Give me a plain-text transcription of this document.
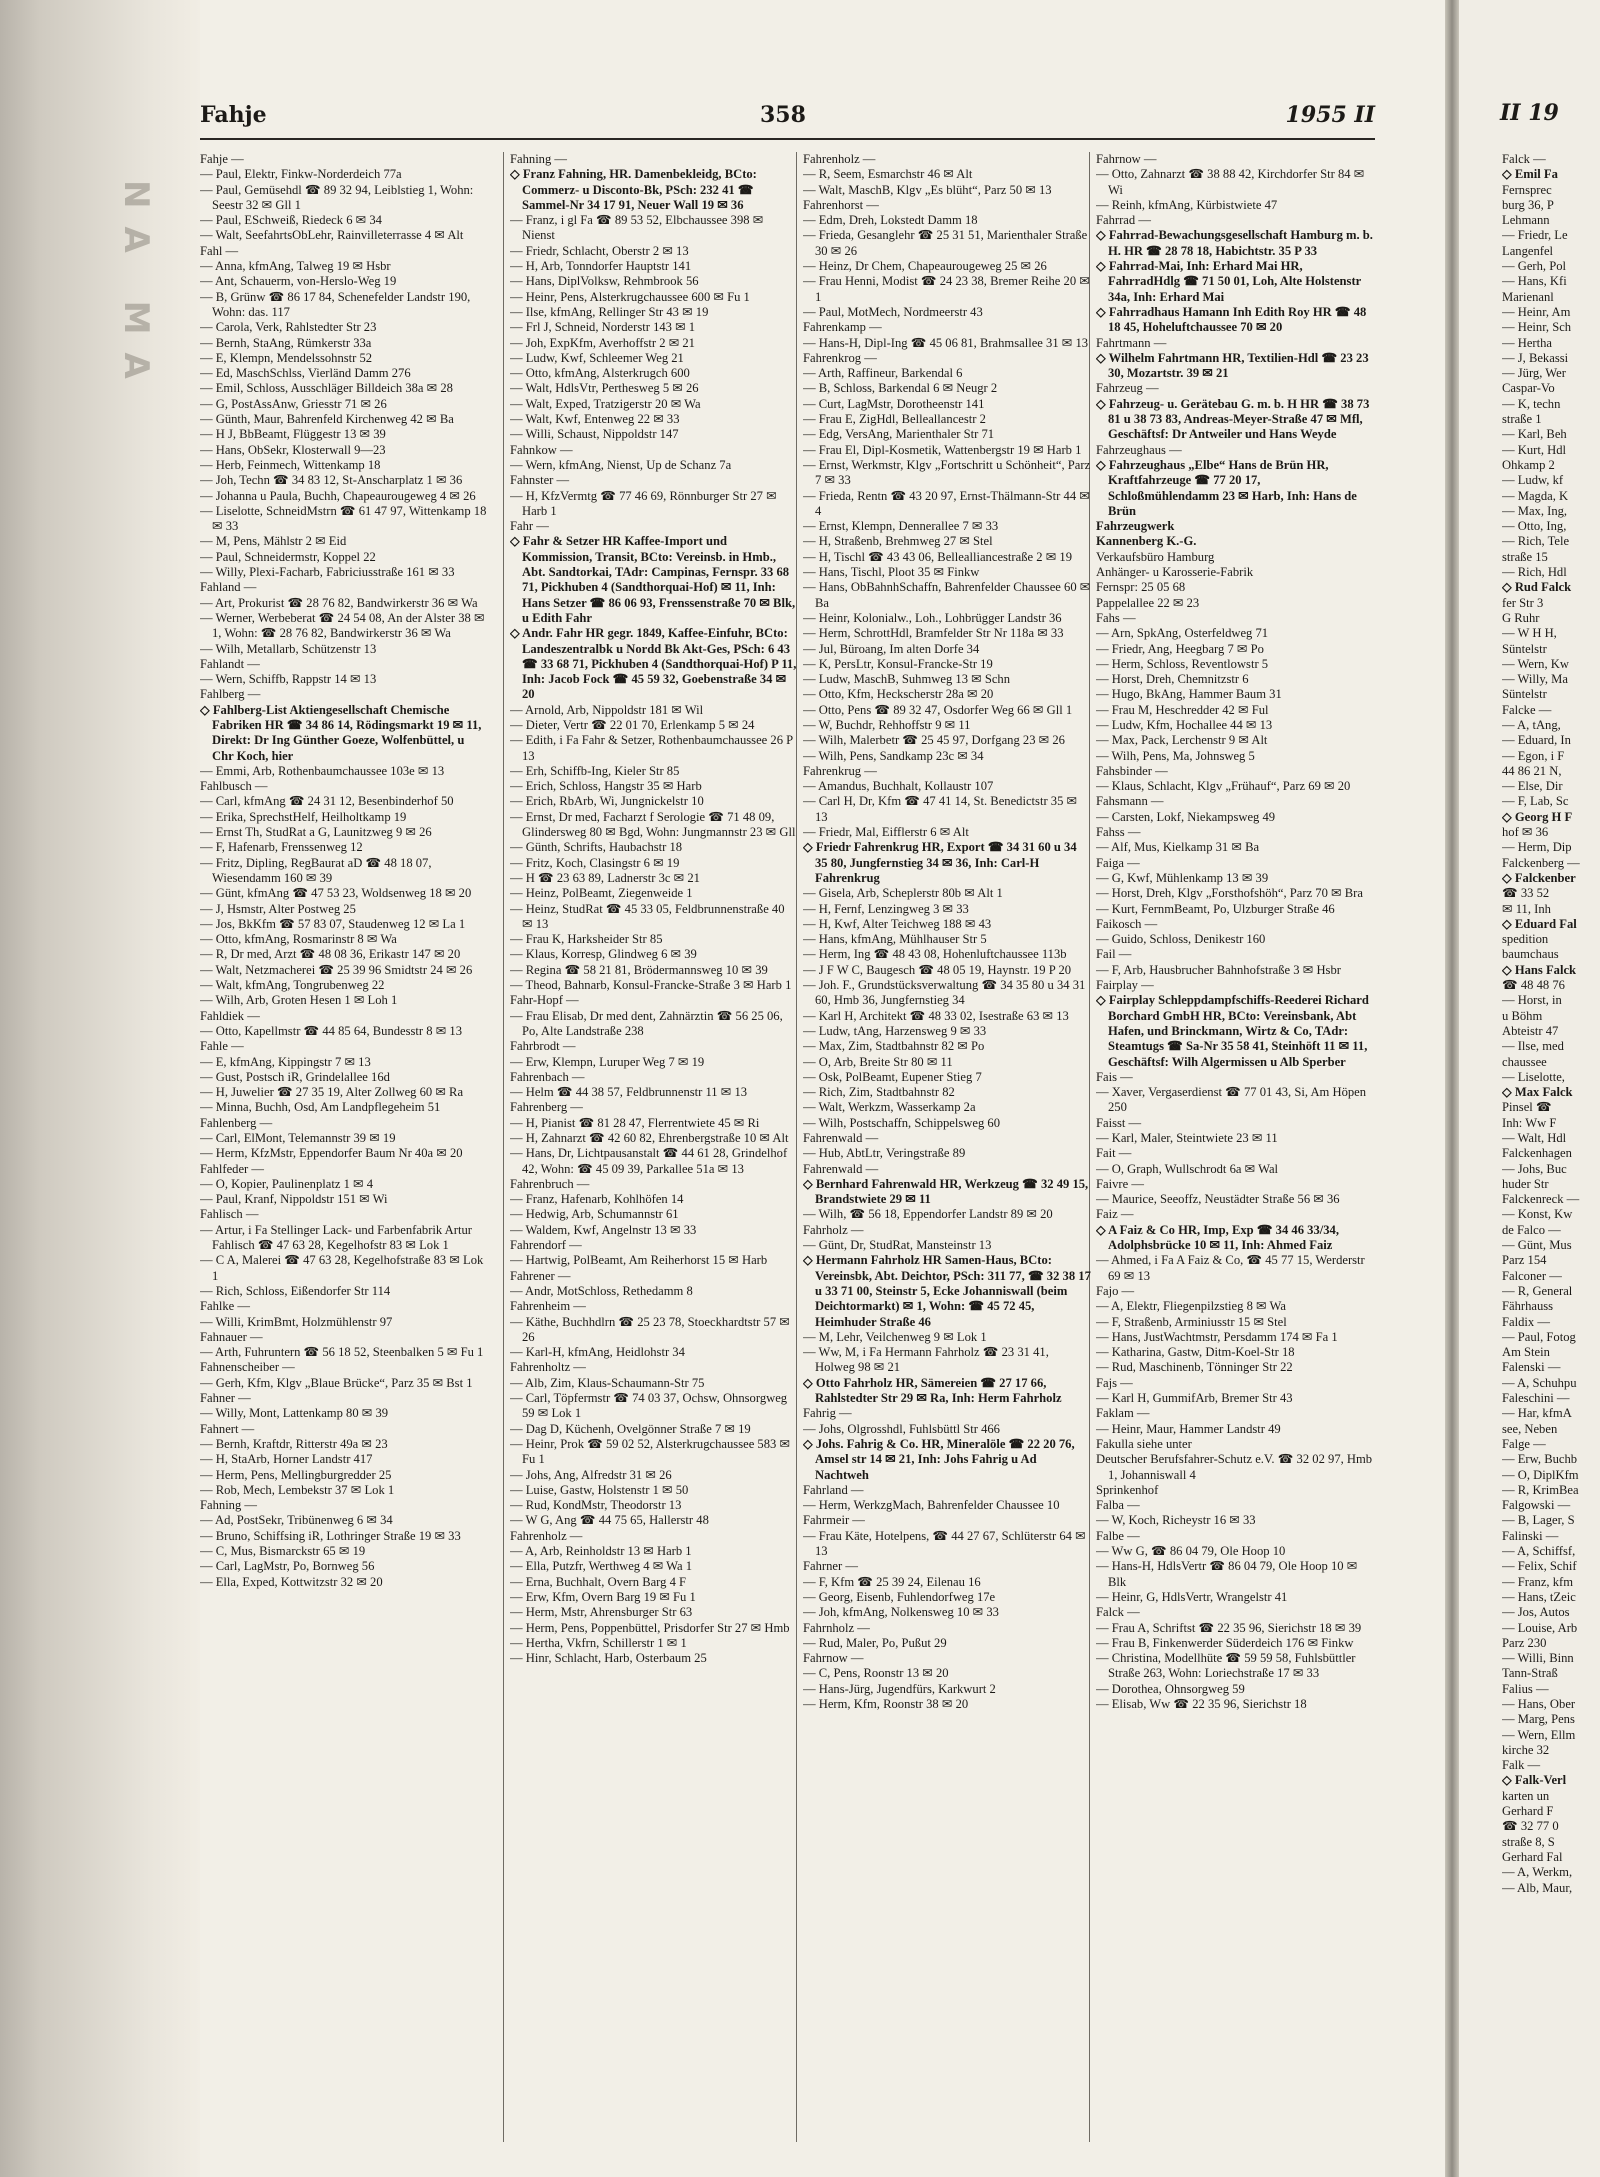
NA MA
Fahje	358	1955 II	II 19

Fahje —

— Paul, Elektr, Finkw-Norderdeich 77a

— Paul, Gemüsehdl ☎ 89 32 94, Leiblstieg 1, Wohn: Seestr 32 ✉ Gll 1

— Paul, ESchweiß, Riedeck 6 ✉ 34

— Walt, SeefahrtsObLehr, Rainvilleterrasse 4 ✉ Alt

Fahl —

— Anna, kfmAng, Talweg 19 ✉ Hsbr

— Ant, Schauerm, von-Herslo-Weg 19

— B, Grünw ☎ 86 17 84, Schenefelder Landstr 190, Wohn: das. 117

— Carola, Verk, Rahlstedter Str 23

— Bernh, StaAng, Rümkerstr 33a

— E, Klempn, Mendelssohnstr 52

— Ed, MaschSchlss, Vierländ Damm 276

— Emil, Schloss, Ausschläger Billdeich 38a ✉ 28

— G, PostAssAnw, Griesstr 71 ✉ 26

— Günth, Maur, Bahrenfeld Kirchenweg 42 ✉ Ba

— H J, BbBeamt, Flüggestr 13 ✉ 39

— Hans, ObSekr, Klosterwall 9—23

— Herb, Feinmech, Wittenkamp 18

— Joh, Techn ☎ 34 83 12, St-Anscharplatz 1 ✉ 36

— Johanna u Paula, Buchh, Chapeaurougeweg 4 ✉ 26

— Liselotte, SchneidMstrn ☎ 61 47 97, Wittenkamp 18 ✉ 33

— M, Pens, Mählstr 2 ✉ Eid

— Paul, Schneidermstr, Koppel 22

— Willy, Plexi-Facharb, Fabriciusstraße 161 ✉ 33

Fahland —

— Art, Prokurist ☎ 28 76 82, Bandwirkerstr 36 ✉ Wa

— Werner, Werbeberat ☎ 24 54 08, An der Alster 38 ✉ 1, Wohn: ☎ 28 76 82, Bandwirkerstr 36 ✉ Wa

— Wilh, Metallarb, Schützenstr 13

Fahlandt —

— Wern, Schiffb, Rappstr 14 ✉ 13

Fahlberg —

◇ Fahlberg-List Aktiengesellschaft Chemische Fabriken HR ☎ 34 86 14, Rödingsmarkt 19 ✉ 11, Direkt: Dr Ing Günther Goeze, Wolfenbüttel, u Chr Koch, hier

— Emmi, Arb, Rothenbaumchaussee 103e ✉ 13

Fahlbusch —

— Carl, kfmAng ☎ 24 31 12, Besenbinderhof 50

— Erika, SprechstHelf, Heilholtkamp 19

— Ernst Th, StudRat a G, Launitzweg 9 ✉ 26

— F, Hafenarb, Frenssenweg 12

— Fritz, Dipling, RegBaurat aD ☎ 48 18 07, Wiesendamm 160 ✉ 39

— Günt, kfmAng ☎ 47 53 23, Woldsenweg 18 ✉ 20

— J, Hsmstr, Alter Postweg 25

— Jos, BkKfm ☎ 57 83 07, Staudenweg 12 ✉ La 1

— Otto, kfmAng, Rosmarinstr 8 ✉ Wa

— R, Dr med, Arzt ☎ 48 08 36, Erikastr 147 ✉ 20

— Walt, Netzmacherei ☎ 25 39 96 Smidtstr 24 ✉ 26

— Walt, kfmAng, Tongrubenweg 22

— Wilh, Arb, Groten Hesen 1 ✉ Loh 1

Fahldiek —

— Otto, Kapellmstr ☎ 44 85 64, Bundesstr 8 ✉ 13

Fahle —

— E, kfmAng, Kippingstr 7 ✉ 13

— Gust, Postsch iR, Grindelallee 16d

— H, Juwelier ☎ 27 35 19, Alter Zollweg 60 ✉ Ra

— Minna, Buchh, Osd, Am Landpflegeheim 51

Fahlenberg —

— Carl, ElMont, Telemannstr 39 ✉ 19

— Herm, KfzMstr, Eppendorfer Baum Nr 40a ✉ 20

Fahlfeder —

— O, Kopier, Paulinenplatz 1 ✉ 4

— Paul, Kranf, Nippoldstr 151 ✉ Wi

Fahlisch —

— Artur, i Fa Stellinger Lack- und Farbenfabrik Artur Fahlisch ☎ 47 63 28, Kegelhofstr 83 ✉ Lok 1

— C A, Malerei ☎ 47 63 28, Kegelhofstraße 83 ✉ Lok 1

— Rich, Schloss, Eißendorfer Str 114

Fahlke —

— Willi, KrimBmt, Holzmühlenstr 97

Fahnauer —

— Arth, Fuhruntern ☎ 56 18 52, Steenbalken 5 ✉ Fu 1

Fahnenscheiber —

— Gerh, Kfm, Klgv „Blaue Brücke“, Parz 35 ✉ Bst 1

Fahner —

— Willy, Mont, Lattenkamp 80 ✉ 39

Fahnert —

— Bernh, Kraftdr, Ritterstr 49a ✉ 23

— H, StaArb, Horner Landstr 417

— Herm, Pens, Mellingburgredder 25

— Rob, Mech, Lembekstr 37 ✉ Lok 1

Fahning —

— Ad, PostSekr, Tribünenweg 6 ✉ 34

— Bruno, Schiffsing iR, Lothringer Straße 19 ✉ 33

— C, Mus, Bismarckstr 65 ✉ 19

— Carl, LagMstr, Po, Bornweg 56

— Ella, Exped, Kottwitzstr 32 ✉ 20

Fahning —

◇ Franz Fahning, HR. Damenbekleidg, BCto: Commerz- u Disconto-Bk, PSch: 232 41 ☎ Sammel-Nr 34 17 91, Neuer Wall 19 ✉ 36

— Franz, i gl Fa ☎ 89 53 52, Elbchaussee 398 ✉ Nienst

— Friedr, Schlacht, Oberstr 2 ✉ 13

— H, Arb, Tonndorfer Hauptstr 141

— Hans, DiplVolksw, Rehmbrook 56

— Heinr, Pens, Alsterkrugchaussee 600 ✉ Fu 1

— Ilse, kfmAng, Rellinger Str 43 ✉ 19

— Frl J, Schneid, Norderstr 143 ✉ 1

— Joh, ExpKfm, Averhoffstr 2 ✉ 21

— Ludw, Kwf, Schleemer Weg 21

— Otto, kfmAng, Alsterkrugch 600

— Walt, HdlsVtr, Perthesweg 5 ✉ 26

— Walt, Exped, Tratzigerstr 20 ✉ Wa

— Walt, Kwf, Entenweg 22 ✉ 33

— Willi, Schaust, Nippoldstr 147

Fahnkow —

— Wern, kfmAng, Nienst, Up de Schanz 7a

Fahnster —

— H, KfzVermtg ☎ 77 46 69, Rönnburger Str 27 ✉ Harb 1

Fahr —

◇ Fahr & Setzer HR Kaffee-Import und Kommission, Transit, BCto: Vereinsb. in Hmb., Abt. Sandtorkai, TAdr: Campinas, Fernspr. 33 68 71, Pickhuben 4 (Sandthorquai-Hof) ✉ 11, Inh: Hans Setzer ☎ 86 06 93, Frenssenstraße 70 ✉ Blk, u Edith Fahr

◇ Andr. Fahr HR gegr. 1849, Kaffee-Einfuhr, BCto: Landeszentralbk u Nordd Bk Akt-Ges, PSch: 6 43 ☎ 33 68 71, Pickhuben 4 (Sandthorquai-Hof) P 11, Inh: Jacob Fock ☎ 45 59 32, Goebenstraße 34 ✉ 20

— Arnold, Arb, Nippoldstr 181 ✉ Wil

— Dieter, Vertr ☎ 22 01 70, Erlenkamp 5 ✉ 24

— Edith, i Fa Fahr & Setzer, Rothenbaumchaussee 26 P 13

— Erh, Schiffb-Ing, Kieler Str 85

— Erich, Schloss, Hangstr 35 ✉ Harb

— Erich, RbArb, Wi, Jungnickelstr 10

— Ernst, Dr med, Facharzt f Serologie ☎ 71 48 09, Glindersweg 80 ✉ Bgd, Wohn: Jungmannstr 23 ✉ Gll

— Günth, Schrifts, Haubachstr 18

— Fritz, Koch, Clasingstr 6 ✉ 19

— H ☎ 23 63 89, Ladnerstr 3c ✉ 21

— Heinz, PolBeamt, Ziegenweide 1

— Heinz, StudRat ☎ 45 33 05, Feldbrunnenstraße 40 ✉ 13

— Frau K, Harksheider Str 85

— Klaus, Korresp, Glindweg 6 ✉ 39

— Regina ☎ 58 21 81, Brödermannsweg 10 ✉ 39

— Theod, Bahnarb, Konsul-Francke-Straße 3 ✉ Harb 1

Fahr-Hopf —

— Frau Elisab, Dr med dent, Zahnärztin ☎ 56 25 06, Po, Alte Landstraße 238

Fahrbrodt —

— Erw, Klempn, Luruper Weg 7 ✉ 19

Fahrenbach —

— Helm ☎ 44 38 57, Feldbrunnenstr 11 ✉ 13

Fahrenberg —

— H, Pianist ☎ 81 28 47, Flerrentwiete 45 ✉ Ri

— H, Zahnarzt ☎ 42 60 82, Ehrenbergstraße 10 ✉ Alt

— Hans, Dr, Lichtpausanstalt ☎ 44 61 28, Grindelhof 42, Wohn: ☎ 45 09 39, Parkallee 51a ✉ 13

Fahrenbruch —

— Franz, Hafenarb, Kohlhöfen 14

— Hedwig, Arb, Schumannstr 61

— Waldem, Kwf, Angelnstr 13 ✉ 33

Fahrendorf —

— Hartwig, PolBeamt, Am Reiherhorst 15 ✉ Harb

Fahrener —

— Andr, MotSchloss, Rethedamm 8

Fahrenheim —

— Käthe, Buchhdlrn ☎ 25 23 78, Stoeckhardtstr 57 ✉ 26

— Karl-H, kfmAng, Heidlohstr 34

Fahrenholtz —

— Alb, Zim, Klaus-Schaumann-Str 75

— Carl, Töpfermstr ☎ 74 03 37, Ochsw, Ohnsorgweg 59 ✉ Lok 1

— Dag D, Küchenh, Ovelgönner Straße 7 ✉ 19

— Heinr, Prok ☎ 59 02 52, Alsterkrugchaussee 583 ✉ Fu 1

— Johs, Ang, Alfredstr 31 ✉ 26

— Luise, Gastw, Holstenstr 1 ✉ 50

— Rud, KondMstr, Theodorstr 13

— W G, Ang ☎ 44 75 65, Hallerstr 48

Fahrenholz —

— A, Arb, Reinholdstr 13 ✉ Harb 1

— Ella, Putzfr, Werthweg 4 ✉ Wa 1

— Erna, Buchhalt, Overn Barg 4 F

— Erw, Kfm, Overn Barg 19 ✉ Fu 1

— Herm, Mstr, Ahrensburger Str 63

— Herm, Pens, Poppenbüttel, Prisdorfer Str 27 ✉ Hmb

— Hertha, Vkfrn, Schillerstr 1 ✉ 1

— Hinr, Schlacht, Harb, Osterbaum 25

Fahrenholz —

— R, Seem, Esmarchstr 46 ✉ Alt

— Walt, MaschB, Klgv „Es blüht“, Parz 50 ✉ 13

Fahrenhorst —

— Edm, Dreh, Lokstedt Damm 18

— Frieda, Gesanglehr ☎ 25 31 51, Marienthaler Straße 30 ✉ 26

— Heinz, Dr Chem, Chapeaurougeweg 25 ✉ 26

— Frau Henni, Modist ☎ 24 23 38, Bremer Reihe 20 ✉ 1

— Paul, MotMech, Nordmeerstr 43

Fahrenkamp —

— Hans-H, Dipl-Ing ☎ 45 06 81, Brahmsallee 31 ✉ 13

Fahrenkrog —

— Arth, Raffineur, Barkendal 6

— B, Schloss, Barkendal 6 ✉ Neugr 2

— Curt, LagMstr, Dorotheenstr 141

— Frau E, ZigHdl, Belleallancestr 2

— Edg, VersAng, Marienthaler Str 71

— Frau El, Dipl-Kosmetik, Wattenbergstr 19 ✉ Harb 1

— Ernst, Werkmstr, Klgv „Fortschritt u Schönheit“, Parz 7 ✉ 33

— Frieda, Rentn ☎ 43 20 97, Ernst-Thälmann-Str 44 ✉ 4

— Ernst, Klempn, Dennerallee 7 ✉ 33

— H, Straßenb, Brehmweg 27 ✉ Stel

— H, Tischl ☎ 43 43 06, Bellealliancestraße 2 ✉ 19

— Hans, Tischl, Ploot 35 ✉ Finkw

— Hans, ObBahnhSchaffn, Bahrenfelder Chaussee 60 ✉ Ba

— Heinr, Kolonialw., Loh., Lohbrügger Landstr 36

— Herm, SchrottHdl, Bramfelder Str Nr 118a ✉ 33

— Jul, Büroang, Im alten Dorfe 34

— K, PersLtr, Konsul-Francke-Str 19

— Ludw, MaschB, Suhmweg 13 ✉ Schn

— Otto, Kfm, Heckscherstr 28a ✉ 20

— Otto, Pens ☎ 89 32 47, Osdorfer Weg 66 ✉ Gll 1

— W, Buchdr, Rehhoffstr 9 ✉ 11

— Wilh, Malerbetr ☎ 25 45 97, Dorfgang 23 ✉ 26

— Wilh, Pens, Sandkamp 23c ✉ 34

Fahrenkrug —

— Amandus, Buchhalt, Kollaustr 107

— Carl H, Dr, Kfm ☎ 47 41 14, St. Benedictstr 35 ✉ 13

— Friedr, Mal, Eifflerstr 6 ✉ Alt

◇ Friedr Fahrenkrug HR, Export ☎ 34 31 60 u 34 35 80, Jungfernstieg 34 ✉ 36, Inh: Carl-H Fahrenkrug

— Gisela, Arb, Scheplerstr 80b ✉ Alt 1

— H, Fernf, Lenzingweg 3 ✉ 33

— H, Kwf, Alter Teichweg 188 ✉ 43

— Hans, kfmAng, Mühlhauser Str 5

— Herm, Ing ☎ 48 43 08, Hohenluftchaussee 113b

— J F W C, Baugesch ☎ 48 05 19, Haynstr. 19 P 20

— Joh. F., Grundstücksverwaltung ☎ 34 35 80 u 34 31 60, Hmb 36, Jungfernstieg 34

— Karl H, Architekt ☎ 48 33 02, Isestraße 63 ✉ 13

— Ludw, tAng, Harzensweg 9 ✉ 33

— Max, Zim, Stadtbahnstr 82 ✉ Po

— O, Arb, Breite Str 80 ✉ 11

— Osk, PolBeamt, Eupener Stieg 7

— Rich, Zim, Stadtbahnstr 82

— Walt, Werkzm, Wasserkamp 2a

— Wilh, Postschaffn, Schippelsweg 60

Fahrenwald —

— Hub, AbtLtr, Veringstraße 89

Fahrenwald —

◇ Bernhard Fahrenwald HR, Werkzeug ☎ 32 49 15, Brandstwiete 29 ✉ 11

— Wilh, ☎ 56 18, Eppendorfer Landstr 89 ✉ 20

Fahrholz —

— Günt, Dr, StudRat, Mansteinstr 13

◇ Hermann Fahrholz HR Samen-Haus, BCto: Vereinsbk, Abt. Deichtor, PSch: 311 77, ☎ 32 38 17 u 33 71 00, Steinstr 5, Ecke Johanniswall (beim Deichtormarkt) ✉ 1, Wohn: ☎ 45 72 45, Heimhuder Straße 46

— M, Lehr, Veilchenweg 9 ✉ Lok 1

— Ww, M, i Fa Hermann Fahrholz ☎ 23 31 41, Holweg 98 ✉ 21

◇ Otto Fahrholz HR, Sämereien ☎ 27 17 66, Rahlstedter Str 29 ✉ Ra, Inh: Herm Fahrholz

Fahrig —

— Johs, Olgrosshdl, Fuhlsbüttl Str 466

◇ Johs. Fahrig & Co. HR, Mineralöle ☎ 22 20 76, Amsel str 14 ✉ 21, Inh: Johs Fahrig u Ad Nachtweh

Fahrland —

— Herm, WerkzgMach, Bahrenfelder Chaussee 10

Fahrmeir —

— Frau Käte, Hotelpens, ☎ 44 27 67, Schlüterstr 64 ✉ 13

Fahrner —

— F, Kfm ☎ 25 39 24, Eilenau 16

— Georg, Eisenb, Fuhlendorfweg 17e

— Joh, kfmAng, Nolkensweg 10 ✉ 33

Fahrnholz —

— Rud, Maler, Po, Pußut 29

Fahrnow —

— C, Pens, Roonstr 13 ✉ 20

— Hans-Jürg, Jugendfürs, Karkwurt 2

— Herm, Kfm, Roonstr 38 ✉ 20

Fahrnow —

— Otto, Zahnarzt ☎ 38 88 42, Kirchdorfer Str 84 ✉ Wi

— Reinh, kfmAng, Kürbistwiete 47

Fahrrad —

◇ Fahrrad-Bewachungsgesellschaft Hamburg m. b. H. HR ☎ 28 78 18, Habichtstr. 35 P 33

◇ Fahrrad-Mai, Inh: Erhard Mai HR, FahrradHdlg ☎ 71 50 01, Loh, Alte Holstenstr 34a, Inh: Erhard Mai

◇ Fahrradhaus Hamann Inh Edith Roy HR ☎ 48 18 45, Hoheluftchaussee 70 ✉ 20

Fahrtmann —

◇ Wilhelm Fahrtmann HR, Textilien-Hdl ☎ 23 23 30, Mozartstr. 39 ✉ 21

Fahrzeug —

◇ Fahrzeug- u. Gerätebau G. m. b. H HR ☎ 38 73 81 u 38 73 83, Andreas-Meyer-Straße 47 ✉ Mfl, Geschäftsf: Dr Antweiler und Hans Weyde

Fahrzeughaus —

◇ Fahrzeughaus „Elbe“ Hans de Brün HR, Kraftfahrzeuge ☎ 77 20 17, Schloßmühlendamm 23 ✉ Harb, Inh: Hans de Brün

Fahrzeugwerk

Kannenberg K.-G.

Verkaufsbüro Hamburg

Anhänger- u Karosserie-Fabrik

Fernspr: 25 05 68

Pappelallee 22 ✉ 23

Fahs —

— Arn, SpkAng, Osterfeldweg 71

— Friedr, Ang, Heegbarg 7 ✉ Po

— Herm, Schloss, Reventlowstr 5

— Horst, Dreh, Chemnitzstr 6

— Hugo, BkAng, Hammer Baum 31

— Frau M, Heschredder 42 ✉ Ful

— Ludw, Kfm, Hochallee 44 ✉ 13

— Max, Pack, Lerchenstr 9 ✉ Alt

— Wilh, Pens, Ma, Johnsweg 5

Fahsbinder —

— Klaus, Schlacht, Klgv „Frühauf“, Parz 69 ✉ 20

Fahsmann —

— Carsten, Lokf, Niekampsweg 49

Fahss —

— Alf, Mus, Kielkamp 31 ✉ Ba

Faiga —

— G, Kwf, Mühlenkamp 13 ✉ 39

— Horst, Dreh, Klgv „Forsthofshöh“, Parz 70 ✉ Bra

— Kurt, FernmBeamt, Po, Ulzburger Straße 46

Faikosch —

— Guido, Schloss, Denikestr 160

Fail —

— F, Arb, Hausbrucher Bahnhofstraße 3 ✉ Hsbr

Fairplay —

◇ Fairplay Schleppdampfschiffs-Reederei Richard Borchard GmbH HR, BCto: Vereinsbank, Abt Hafen, und Brinckmann, Wirtz & Co, TAdr: Steamtugs ☎ Sa-Nr 35 58 41, Steinhöft 11 ✉ 11, Geschäftsf: Wilh Algermissen u Alb Sperber

Fais —

— Xaver, Vergaserdienst ☎ 77 01 43, Si, Am Höpen 250

Faisst —

— Karl, Maler, Steintwiete 23 ✉ 11

Fait —

— O, Graph, Wullschrodt 6a ✉ Wal

Faivre —

— Maurice, Seeoffz, Neustädter Straße 56 ✉ 36

Faiz —

◇ A Faiz & Co HR, Imp, Exp ☎ 34 46 33/34, Adolphsbrücke 10 ✉ 11, Inh: Ahmed Faiz

— Ahmed, i Fa A Faiz & Co, ☎ 45 77 15, Werderstr 69 ✉ 13

Fajo —

— A, Elektr, Fliegenpilzstieg 8 ✉ Wa

— F, Straßenb, Arminiusstr 15 ✉ Stel

— Hans, JustWachtmstr, Persdamm 174 ✉ Fa 1

— Katharina, Gastw, Ditm-Koel-Str 18

— Rud, Maschinenb, Tönninger Str 22

Fajs —

— Karl H, GummifArb, Bremer Str 43

Faklam —

— Heinr, Maur, Hammer Landstr 49

Fakulla siehe unter

Deutscher Berufsfahrer-Schutz e.V. ☎ 32 02 97, Hmb 1, Johanniswall 4

Sprinkenhof

Falba —

— W, Koch, Richeystr 16 ✉ 33

Falbe —

— Ww G, ☎ 86 04 79, Ole Hoop 10

— Hans-H, HdlsVertr ☎ 86 04 79, Ole Hoop 10 ✉ Blk

— Heinr, G, HdlsVertr, Wrangelstr 41

Falck —

— Frau A, Schriftst ☎ 22 35 96, Sierichstr 18 ✉ 39

— Frau B, Finkenwerder Süderdeich 176 ✉ Finkw

— Christina, Modellhüte ☎ 59 59 58, Fuhlsbüttler Straße 263, Wohn: Loriechstraße 17 ✉ 33

— Dorothea, Ohnsorgweg 59

— Elisab, Ww ☎ 22 35 96, Sierichstr 18

Falck —

◇ Emil Fa

Fernsprec

burg 36, P

Lehmann

— Friedr, Le

Langenfel

— Gerh, Pol

— Hans, Kfi

Marienanl

— Heinr, Am

— Heinr, Sch

— Hertha

— J, Bekassi

— Jürg, Wer

Caspar-Vo

— K, techn

straße 1

— Karl, Beh

— Kurt, Hdl

Ohkamp 2

— Ludw, kf

— Magda, K

— Max, Ing,

— Otto, Ing,

— Rich, Tele

straße 15

— Rich, Hdl

◇ Rud Falck

fer Str 3

G Ruhr

— W H H,

Süntelstr

— Wern, Kw

— Willy, Ma

Süntelstr

Falcke —

— A, tAng,

— Eduard, In

— Egon, i F

44 86 21 N,

— Else, Dir

— F, Lab, Sc

◇ Georg H F

hof ✉ 36

— Herm, Dip

Falckenberg —

◇ Falckenber

☎ 33 52

✉ 11, Inh

◇ Eduard Fal

spedition

baumchaus

◇ Hans Falck

☎ 48 48 76

— Horst, in

u Böhm

Abteistr 47

— Ilse, med

chaussee

— Liselotte,

◇ Max Falck

Pinsel ☎

Inh: Ww F

— Walt, Hdl

Falckenhagen

— Johs, Buc

huder Str

Falckenreck —

— Konst, Kw

de Falco —

— Günt, Mus

Parz 154

Falconer —

— R, General

Fährhauss

Faldix —

— Paul, Fotog

Am Stein

Falenski —

— A, Schuhpu

Faleschini —

— Har, kfmA

see, Neben

Falge —

— Erw, Buchb

— O, DiplKfm

— R, KrimBea

Falgowski —

— B, Lager, S

Falinski —

— A, Schiffsf,

— Felix, Schif

— Franz, kfm

— Hans, tZeic

— Jos, Autos

— Louise, Arb

Parz 230

— Willi, Binn

Tann-Straß

Falius —

— Hans, Ober

— Marg, Pens

— Wern, Ellm

kirche 32

Falk —

◇ Falk-Verl

karten un

Gerhard F

☎ 32 77 0

straße 8, S

Gerhard Fal

— A, Werkm,

— Alb, Maur,
